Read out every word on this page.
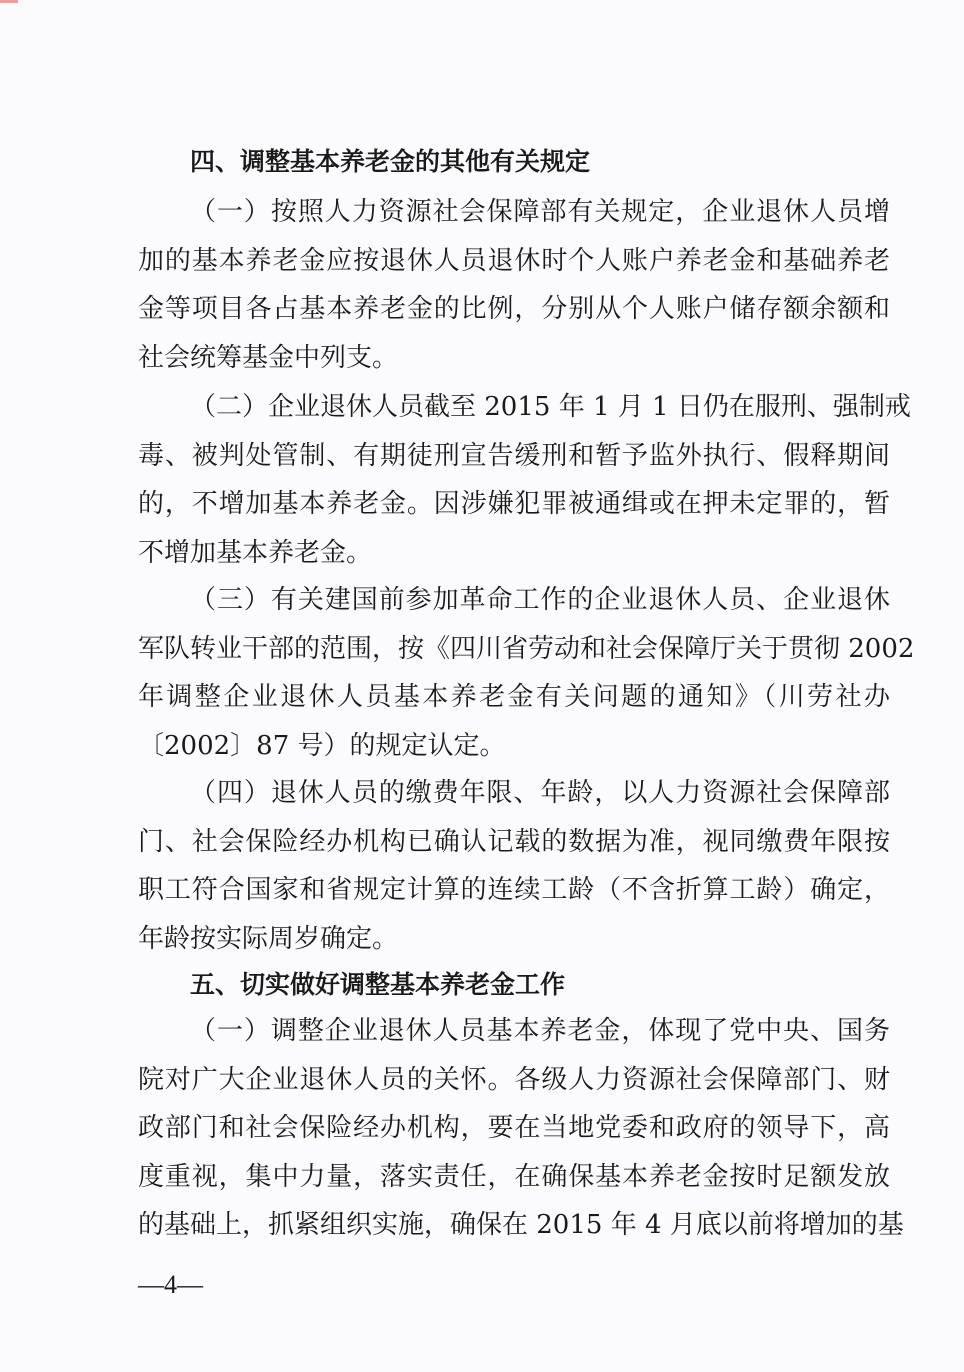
四、调整基本养老金的其他有关规定
（一）按照人力资源社会保障部有关规定，企业退休人员增
加的基本养老金应按退休人员退休时个人账户养老金和基础养老
金等项目各占基本养老金的比例，分别从个人账户储存额余额和
社会统筹基金中列支。
（二）企业退休人员截至 2015 年 1 月 1 日仍在服刑、强制戒
毒、被判处管制、有期徒刑宣告缓刑和暂予监外执行、假释期间
的，不增加基本养老金。因涉嫌犯罪被通缉或在押未定罪的，暂
不增加基本养老金。
（三）有关建国前参加革命工作的企业退休人员、企业退休
军队转业干部的范围，按《四川省劳动和社会保障厅关于贯彻 2002
年调整企业退休人员基本养老金有关问题的通知》（川劳社办
〔2002〕87 号）的规定认定。
（四）退休人员的缴费年限、年龄，以人力资源社会保障部
门、社会保险经办机构已确认记载的数据为准，视同缴费年限按
职工符合国家和省规定计算的连续工龄（不含折算工龄）确定，
年龄按实际周岁确定。
五、切实做好调整基本养老金工作
（一）调整企业退休人员基本养老金，体现了党中央、国务
院对广大企业退休人员的关怀。各级人力资源社会保障部门、财
政部门和社会保险经办机构，要在当地党委和政府的领导下，高
度重视，集中力量，落实责任，在确保基本养老金按时足额发放
的基础上，抓紧组织实施，确保在 2015 年 4 月底以前将增加的基
—4—
